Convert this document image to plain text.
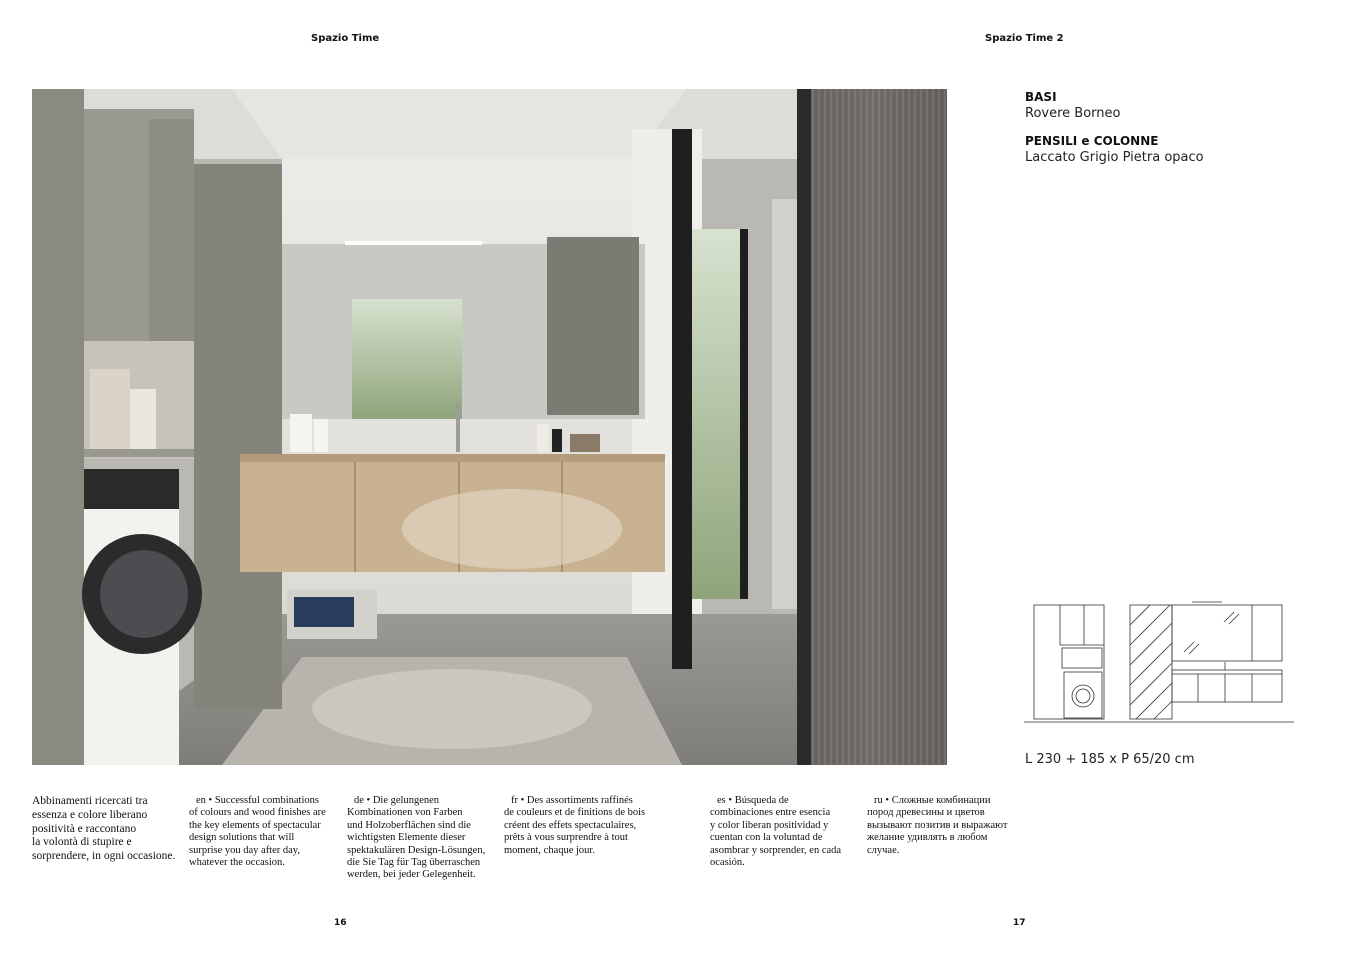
Spazio Time	Spazio Time 2
BASI
Rovere Borneo
PENSILI e COLONNE
Laccato Grigio Pietra opaco
L 230 + 185 x P 65/20 cm

Abbinamenti ricercati tra

essenza e colore liberano

positività e raccontano

la volontà di stupire e

sorprendere, in ogni occasione.

en • Successful combinations

of colours and wood finishes are

the key elements of spectacular

design solutions that will

surprise you day after day,

whatever the occasion.

de • Die gelungenen

Kombinationen von Farben

und Holzoberflächen sind die

wichtigsten Elemente dieser

spektakulären Design-Lösungen,

die Sie Tag für Tag überraschen

werden, bei jeder Gelegenheit.

fr • Des assortiments raffinés

de couleurs et de finitions de bois

créent des effets spectaculaires,

prêts à vous surprendre à tout

moment, chaque jour.

es • Búsqueda de

combinaciones entre esencia

y color liberan positividad y

cuentan con la voluntad de

asombrar y sorprender, en cada

ocasión.

ru • Сложные комбинации

пород древесины и цветов

вызывают позитив и выражают

желание удивлять в любом

случае.

16	17
